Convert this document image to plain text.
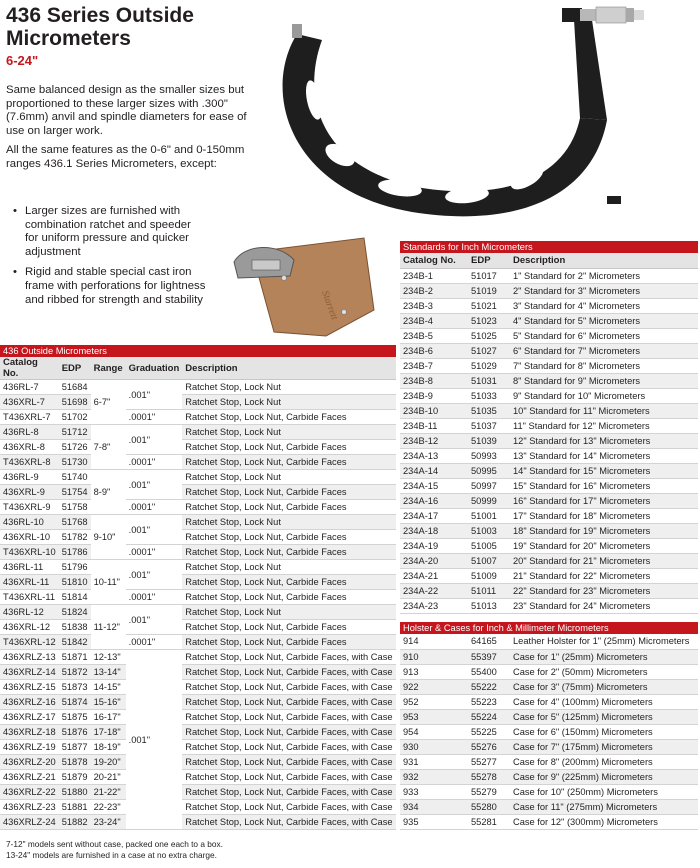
436 Series Outside Micrometers
6-24"

Same balanced design as the smaller sizes but proportioned to these larger sizes with .300" (7.6mm) anvil and spindle diameters for ease of use on larger work.

All the same features as the 0-6" and 0-150mm ranges 436.1 Series Micrometers, except:

• Larger sizes are furnished with combination ratchet and speeder for uniform pressure and quicker adjustment
• Rigid and stable special cast iron frame with perforations for lightness and ribbed for strength and stability	Starrett
436 Outside Micrometers				
Catalog No.	EDP	Range	Graduation	Description
436RL-7	51684	6-7"	.001"	Ratchet Stop, Lock Nut
436XRL-7	51698			Ratchet Stop, Lock Nut
T436XRL-7	51702		.0001"	Ratchet Stop, Lock Nut, Carbide Faces
436RL-8	51712	7-8"	.001"	Ratchet Stop, Lock Nut
436XRL-8	51726			Ratchet Stop, Lock Nut, Carbide Faces
T436XRL-8	51730		.0001"	Ratchet Stop, Lock Nut, Carbide Faces
436RL-9	51740	8-9"	.001"	Ratchet Stop, Lock Nut
436XRL-9	51754			Ratchet Stop, Lock Nut, Carbide Faces
T436XRL-9	51758		.0001"	Ratchet Stop, Lock Nut, Carbide Faces
436RL-10	51768	9-10"	.001"	Ratchet Stop, Lock Nut
436XRL-10	51782			Ratchet Stop, Lock Nut, Carbide Faces
T436XRL-10	51786		.0001"	Ratchet Stop, Lock Nut, Carbide Faces
436RL-11	51796	10-11"	.001"	Ratchet Stop, Lock Nut
436XRL-11	51810			Ratchet Stop, Lock Nut, Carbide Faces
T436XRL-11	51814		.0001"	Ratchet Stop, Lock Nut, Carbide Faces
436RL-12	51824	11-12"	.001"	Ratchet Stop, Lock Nut
436XRL-12	51838			Ratchet Stop, Lock Nut, Carbide Faces
T436XRL-12	51842		.0001"	Ratchet Stop, Lock Nut, Carbide Faces
436XRLZ-13	51871	12-13"	.001"	Ratchet Stop, Lock Nut, Carbide Faces, with Case
436XRLZ-14	51872	13-14"		Ratchet Stop, Lock Nut, Carbide Faces, with Case
436XRLZ-15	51873	14-15"		Ratchet Stop, Lock Nut, Carbide Faces, with Case
436XRLZ-16	51874	15-16"		Ratchet Stop, Lock Nut, Carbide Faces, with Case
436XRLZ-17	51875	16-17"		Ratchet Stop, Lock Nut, Carbide Faces, with Case
436XRLZ-18	51876	17-18"		Ratchet Stop, Lock Nut, Carbide Faces, with Case
436XRLZ-19	51877	18-19"		Ratchet Stop, Lock Nut, Carbide Faces, with Case
436XRLZ-20	51878	19-20"		Ratchet Stop, Lock Nut, Carbide Faces, with Case
436XRLZ-21	51879	20-21"		Ratchet Stop, Lock Nut, Carbide Faces, with Case
436XRLZ-22	51880	21-22"		Ratchet Stop, Lock Nut, Carbide Faces, with Case
436XRLZ-23	51881	22-23"		Ratchet Stop, Lock Nut, Carbide Faces, with Case
436XRLZ-24	51882	23-24"		Ratchet Stop, Lock Nut, Carbide Faces, with Case
Standards for Inch Micrometers		
Catalog No.	EDP	Description
234B-1	51017	1" Standard for 2" Micrometers
234B-2	51019	2" Standard for 3" Micrometers
234B-3	51021	3" Standard for 4" Micrometers
234B-4	51023	4" Standard for 5" Micrometers
234B-5	51025	5" Standard for 6" Micrometers
234B-6	51027	6" Standard for 7" Micrometers
234B-7	51029	7" Standard for 8" Micrometers
234B-8	51031	8" Standard for 9" Micrometers
234B-9	51033	9" Standard for 10" Micrometers
234B-10	51035	10" Standard for 11" Micrometers
234B-11	51037	11" Standard for 12" Micrometers
234B-12	51039	12" Standard for 13" Micrometers
234A-13	50993	13" Standard for 14" Micrometers
234A-14	50995	14" Standard for 15" Micrometers
234A-15	50997	15" Standard for 16" Micrometers
234A-16	50999	16" Standard for 17" Micrometers
234A-17	51001	17" Standard for 18" Micrometers
234A-18	51003	18" Standard for 19" Micrometers
234A-19	51005	19" Standard for 20" Micrometers
234A-20	51007	20" Standard for 21" Micrometers
234A-21	51009	21" Standard for 22" Micrometers
234A-22	51011	22" Standard for 23" Micrometers
234A-23	51013	23" Standard for 24" Micrometers
Holster & Cases for Inch & Millimeter Micrometers		
914	64165	Leather Holster for 1" (25mm) Micrometers
910	55397	Case for 1" (25mm) Micrometers
913	55400	Case for 2" (50mm) Micrometers
922	55222	Case for 3" (75mm) Micrometers
952	55223	Case for 4" (100mm) Micrometers
953	55224	Case for 5" (125mm) Micrometers
954	55225	Case for 6" (150mm) Micrometers
930	55276	Case for 7" (175mm) Micrometers
931	55277	Case for 8" (200mm) Micrometers
932	55278	Case for 9" (225mm) Micrometers
933	55279	Case for 10" (250mm) Micrometers
934	55280	Case for 11" (275mm) Micrometers
935	55281	Case for 12" (300mm) Micrometers
7-12" models sent without case, packed one each to a box.
13-24" models are furnished in a case at no extra charge.
